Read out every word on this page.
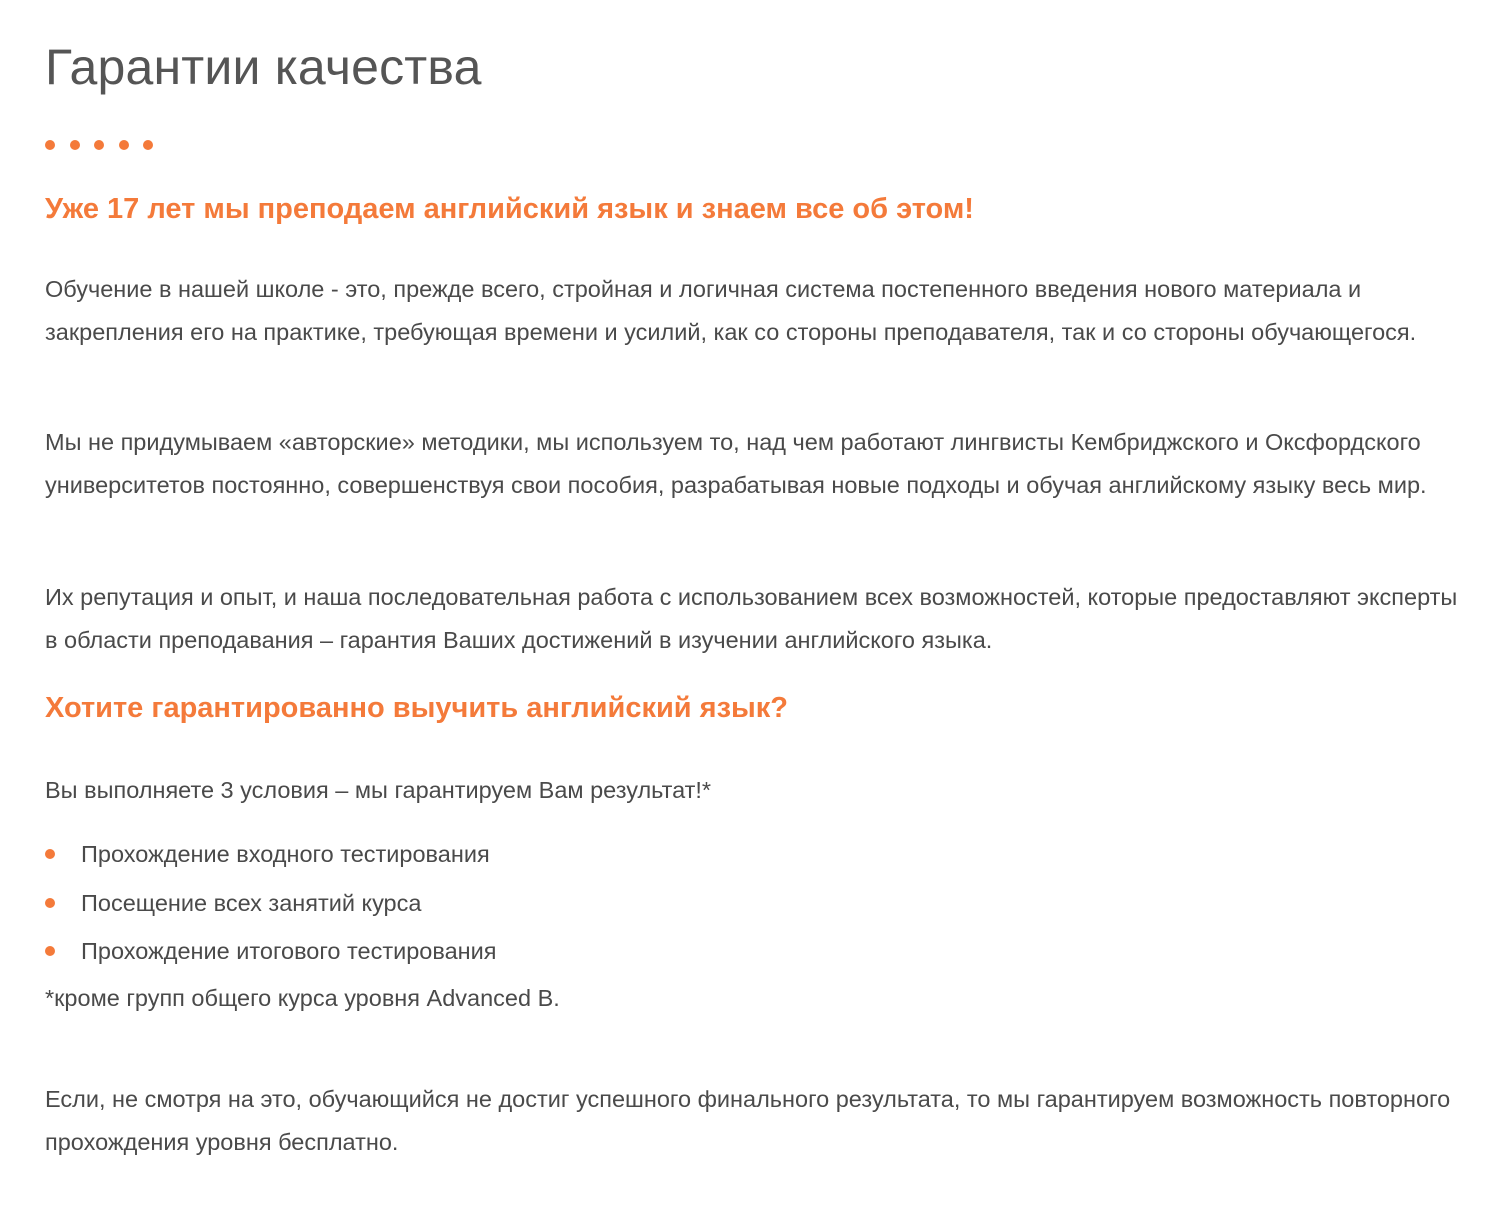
Гарантии качества
Уже 17 лет мы преподаем английский язык и знаем все об этом!

Обучение в нашей школе - это, прежде всего, стройная и логичная система постепенного введения нового материала и закрепления его на практике, требующая времени и усилий, как со стороны преподавателя, так и со стороны обучающегося.

Мы не придумываем «авторские» методики, мы используем то, над чем работают лингвисты Кембриджского и Оксфордского университетов постоянно, совершенствуя свои пособия, разрабатывая новые подходы и обучая английскому языку весь мир.

Их репутация и опыт, и наша последовательная работа с использованием всех возможностей, которые предоставляют эксперты в области преподавания – гарантия Ваших достижений в изучении английского языка.

Хотите гарантированно выучить английский язык?

Вы выполняете 3 условия – мы гарантируем Вам результат!*

Прохождение входного тестирования
Посещение всех занятий курса
Прохождение итогового тестирования

*кроме групп общего курса уровня Advanced B.

Если, не смотря на это, обучающийся не достиг успешного финального результата, то мы гарантируем возможность повторного прохождения уровня бесплатно.
